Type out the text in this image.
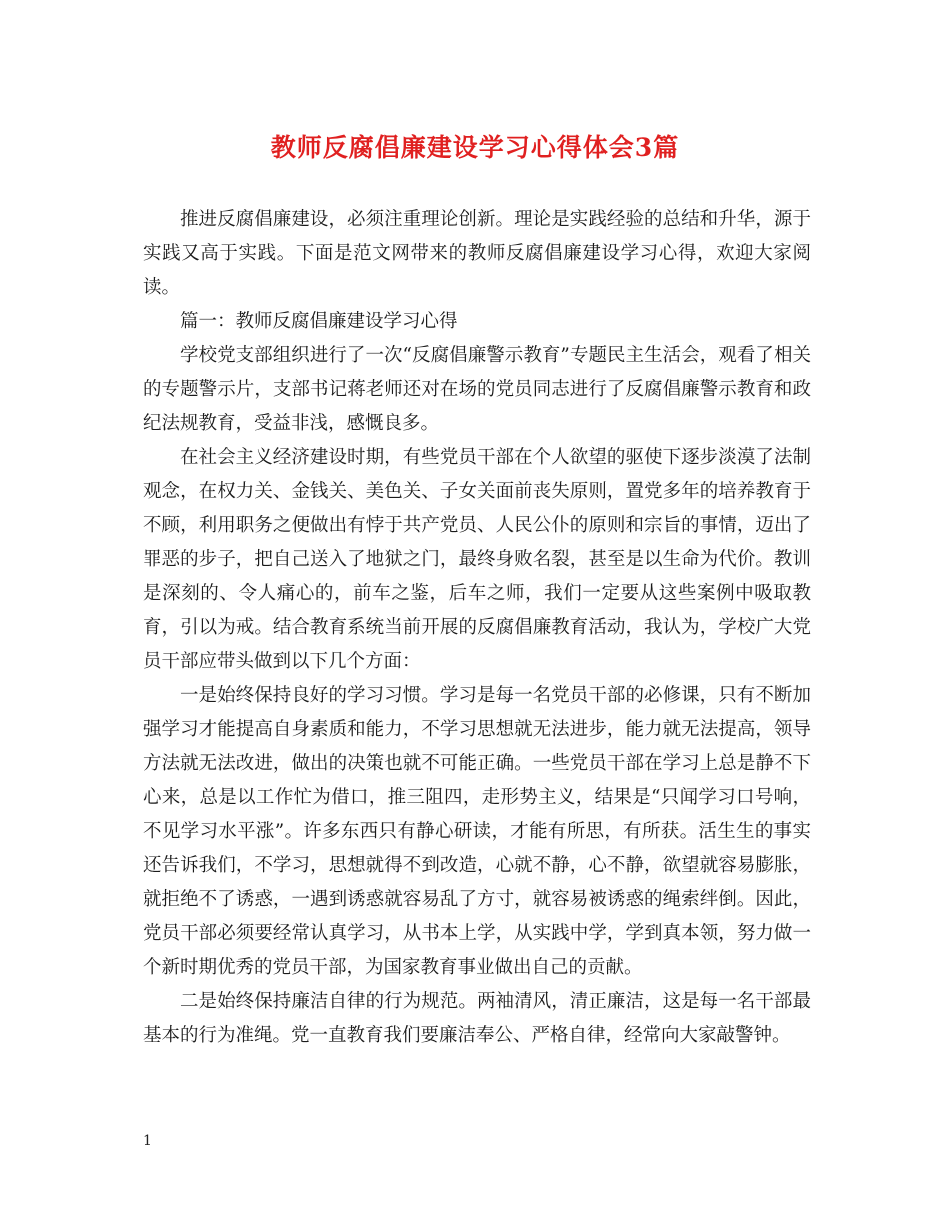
教师反腐倡廉建设学习心得体会3篇

推进反腐倡廉建设，必须注重理论创新。理论是实践经验的总结和升华，源于实践又高于实践。下面是范文网带来的教师反腐倡廉建设学习心得，欢迎大家阅读。

篇一：教师反腐倡廉建设学习心得

学校党支部组织进行了一次“反腐倡廉警示教育”专题民主生活会，观看了相关的专题警示片，支部书记蒋老师还对在场的党员同志进行了反腐倡廉警示教育和政纪法规教育，受益非浅，感慨良多。

在社会主义经济建设时期，有些党员干部在个人欲望的驱使下逐步淡漠了法制观念，在权力关、金钱关、美色关、子女关面前丧失原则，置党多年的培养教育于不顾，利用职务之便做出有悖于共产党员、人民公仆的原则和宗旨的事情，迈出了罪恶的步子，把自己送入了地狱之门，最终身败名裂，甚至是以生命为代价。教训是深刻的、令人痛心的，前车之鉴，后车之师，我们一定要从这些案例中吸取教育，引以为戒。结合教育系统当前开展的反腐倡廉教育活动，我认为，学校广大党员干部应带头做到以下几个方面：

一是始终保持良好的学习习惯。学习是每一名党员干部的必修课，只有不断加强学习才能提高自身素质和能力，不学习思想就无法进步，能力就无法提高，领导方法就无法改进，做出的决策也就不可能正确。一些党员干部在学习上总是静不下心来，总是以工作忙为借口，推三阻四，走形势主义，结果是“只闻学习口号响，不见学习水平涨”。许多东西只有静心研读，才能有所思，有所获。活生生的事实还告诉我们，不学习，思想就得不到改造，心就不静，心不静，欲望就容易膨胀，就拒绝不了诱惑，一遇到诱惑就容易乱了方寸，就容易被诱惑的绳索绊倒。因此，党员干部必须要经常认真学习，从书本上学，从实践中学，学到真本领，努力做一个新时期优秀的党员干部，为国家教育事业做出自己的贡献。

二是始终保持廉洁自律的行为规范。两袖清风，清正廉洁，这是每一名干部最基本的行为准绳。党一直教育我们要廉洁奉公、严格自律，经常向大家敲警钟。

1
